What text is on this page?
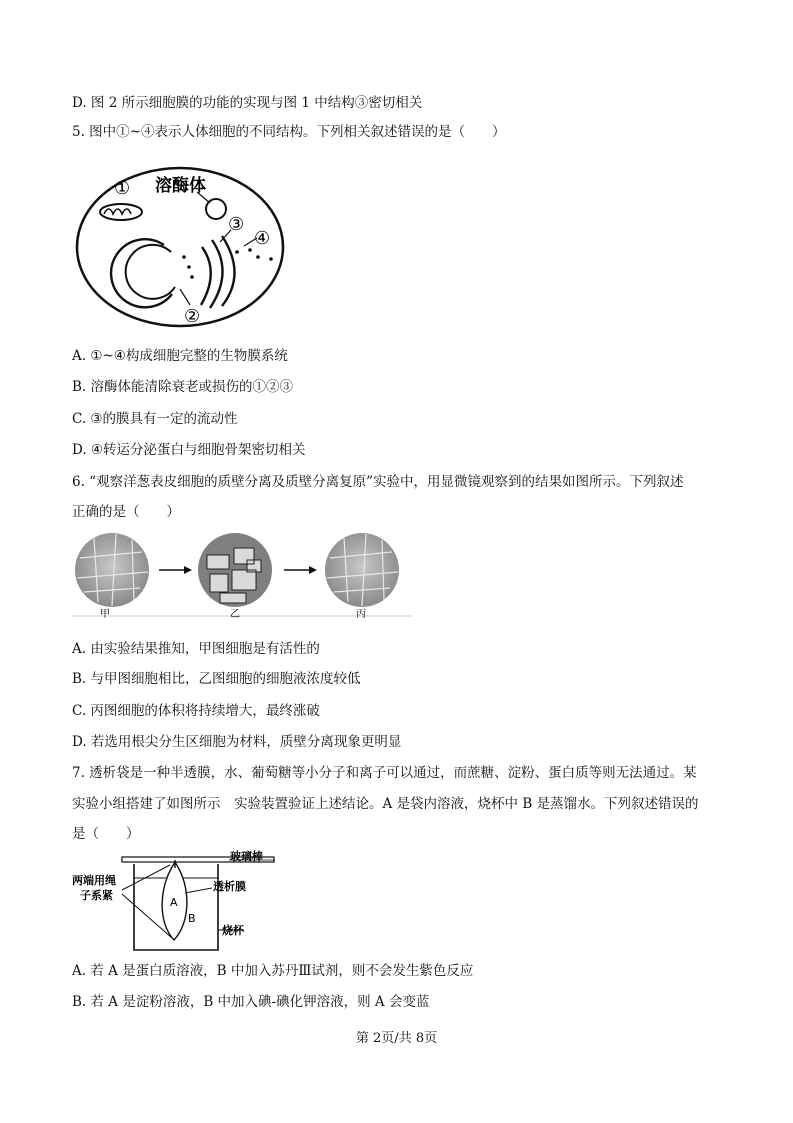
D. 图 2 所示细胞膜的功能的实现与图 1 中结构③密切相关
5. 图中①~④表示人体细胞的不同结构。下列相关叙述错误的是（　　）
① 溶酶体
③
④
②
A. ①~④构成细胞完整的生物膜系统
B. 溶酶体能清除衰老或损伤的①②③
C. ③的膜具有一定的流动性
D. ④转运分泌蛋白与细胞骨架密切相关
6. “观察洋葱表皮细胞的质壁分离及质壁分离复原”实验中，用显微镜观察到的结果如图所示。下列叙述
正确的是（　　）
甲	乙	丙
A. 由实验结果推知，甲图细胞是有活性的
B. 与甲图细胞相比，乙图细胞的细胞液浓度较低
C. 丙图细胞的体积将持续增大，最终涨破
D. 若选用根尖分生区细胞为材料，质壁分离现象更明显
7. 透析袋是一种半透膜，水、葡萄糖等小分子和离子可以通过，而蔗糖、淀粉、蛋白质等则无法通过。某
实验小组搭建了如图所示　实验装置验证上述结论。A 是袋内溶液，烧杯中 B 是蒸馏水。下列叙述错误的
是（　　）
玻璃棒
两端用绳
子系紧
透析膜
烧杯
A
B
A. 若 A 是蛋白质溶液，B 中加入苏丹Ⅲ试剂，则不会发生紫色反应
B. 若 A 是淀粉溶液，B 中加入碘-碘化钾溶液，则 A 会变蓝
第 2页/共 8页
